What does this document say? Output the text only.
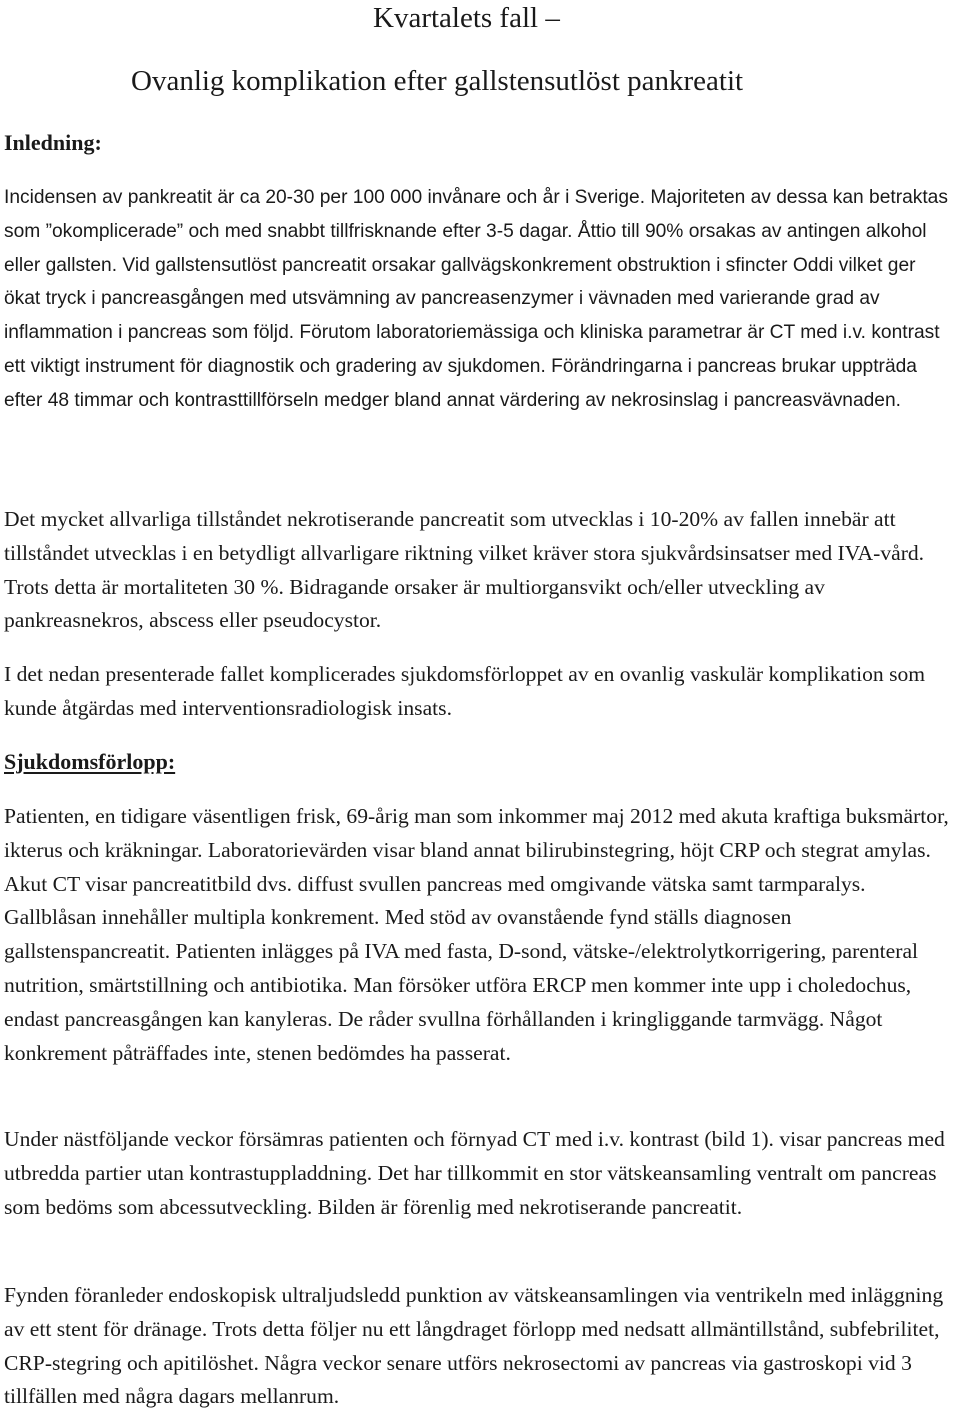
Kvartalets fall –
Ovanlig komplikation efter gallstensutlöst pankreatit
Inledning:

Incidensen av pankreatit är ca 20-30 per 100 000 invånare och år i Sverige. Majoriteten av dessa kan betraktas som ”okomplicerade” och med snabbt tillfrisknande efter 3-5 dagar. Åttio till 90% orsakas av antingen alkohol eller gallsten. Vid gallstensutlöst pancreatit orsakar gallvägskonkrement obstruktion i sfincter Oddi vilket ger ökat tryck i pancreasgången med utsvämning av pancreasenzymer i vävnaden med varierande grad av inflammation i pancreas som följd. Förutom laboratoriemässiga och kliniska parametrar är CT med i.v. kontrast ett viktigt instrument för diagnostik och gradering av sjukdomen. Förändringarna i pancreas brukar uppträda efter 48 timmar och kontrasttillförseln medger bland annat värdering av nekrosinslag i pancreasvävnaden.

Det mycket allvarliga tillståndet nekrotiserande pancreatit som utvecklas i 10-20% av fallen innebär att tillståndet utvecklas i en betydligt allvarligare riktning vilket kräver stora sjukvårdsinsatser med IVA-vård. Trots detta är mortaliteten 30 %. Bidragande orsaker är multiorgansvikt och/eller utveckling av pankreasnekros, abscess eller pseudocystor.

I det nedan presenterade fallet komplicerades sjukdomsförloppet av en ovanlig vaskulär komplikation som kunde åtgärdas med interventionsradiologisk insats.

Sjukdomsförlopp:

Patienten, en tidigare väsentligen frisk, 69-årig man som inkommer maj 2012 med akuta kraftiga buksmärtor, ikterus och kräkningar. Laboratorievärden visar bland annat bilirubinstegring, höjt CRP och stegrat amylas. Akut CT visar pancreatitbild dvs. diffust svullen pancreas med omgivande vätska samt tarmparalys. Gallblåsan innehåller multipla konkrement. Med stöd av ovanstående fynd ställs diagnosen gallstenspancreatit. Patienten inlägges på IVA med fasta, D-sond, vätske-/elektrolytkorrigering, parenteral nutrition, smärtstillning och antibiotika. Man försöker utföra ERCP men kommer inte upp i choledochus, endast pancreasgången kan kanyleras. De råder svullna förhållanden i kringliggande tarmvägg. Något konkrement påträffades inte, stenen bedömdes ha passerat.

Under nästföljande veckor försämras patienten och förnyad CT med i.v. kontrast (bild 1). visar pancreas med utbredda partier utan kontrastuppladdning. Det har tillkommit en stor vätskeansamling ventralt om pancreas som bedöms som abcessutveckling. Bilden är förenlig med nekrotiserande pancreatit.

Fynden föranleder endoskopisk ultraljudsledd punktion av vätskeansamlingen via ventrikeln med inläggning av ett stent för dränage. Trots detta följer nu ett långdraget förlopp med nedsatt allmäntillstånd, subfebrilitet, CRP-stegring och apitilöshet. Några veckor senare utförs nekrosectomi av pancreas via gastroskopi vid 3 tillfällen med några dagars mellanrum.
